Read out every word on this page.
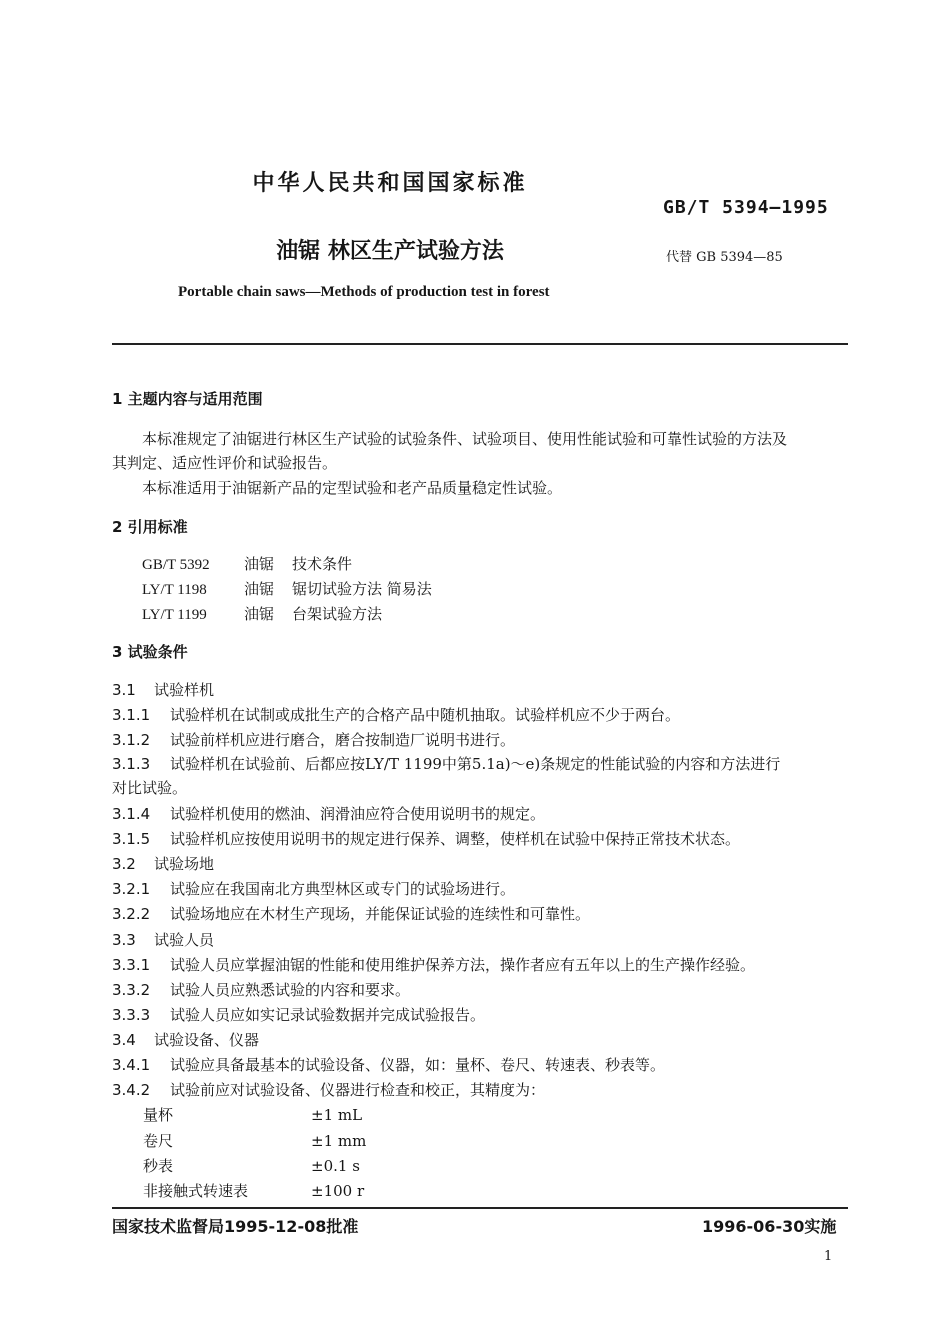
中华人民共和国国家标准
GB/T 5394—1995
油锯 林区生产试验方法	代替 GB 5394—85
Portable chain saws—Methods of production test in forest
1 主题内容与适用范围
本标准规定了油锯进行林区生产试验的试验条件、试验项目、使用性能试验和可靠性试验的方法及
其判定、适应性评价和试验报告。
本标准适用于油锯新产品的定型试验和老产品质量稳定性试验。
2 引用标准
GB/T 5392 油锯 技术条件
LY/T 1198 油锯 锯切试验方法 简易法
LY/T 1199 油锯 台架试验方法
3 试验条件
3.1 试验样机
3.1.1 试验样机在试制或成批生产的合格产品中随机抽取。试验样机应不少于两台。
3.1.2 试验前样机应进行磨合，磨合按制造厂说明书进行。
3.1.3 试验样机在试验前、后都应按LY/T 1199中第5.1a)～e)条规定的性能试验的内容和方法进行
对比试验。
3.1.4 试验样机使用的燃油、润滑油应符合使用说明书的规定。
3.1.5 试验样机应按使用说明书的规定进行保养、调整，使样机在试验中保持正常技术状态。
3.2 试验场地
3.2.1 试验应在我国南北方典型林区或专门的试验场进行。
3.2.2 试验场地应在木材生产现场，并能保证试验的连续性和可靠性。
3.3 试验人员
3.3.1 试验人员应掌握油锯的性能和使用维护保养方法，操作者应有五年以上的生产操作经验。
3.3.2 试验人员应熟悉试验的内容和要求。
3.3.3 试验人员应如实记录试验数据并完成试验报告。
3.4 试验设备、仪器
3.4.1 试验应具备最基本的试验设备、仪器，如：量杯、卷尺、转速表、秒表等。
3.4.2 试验前应对试验设备、仪器进行检查和校正，其精度为：
量杯	±1 mL
卷尺	±1 mm
秒表	±0.1 s
非接触式转速表	±100 r
国家技术监督局1995-12-08批准	1996-06-30实施
1
